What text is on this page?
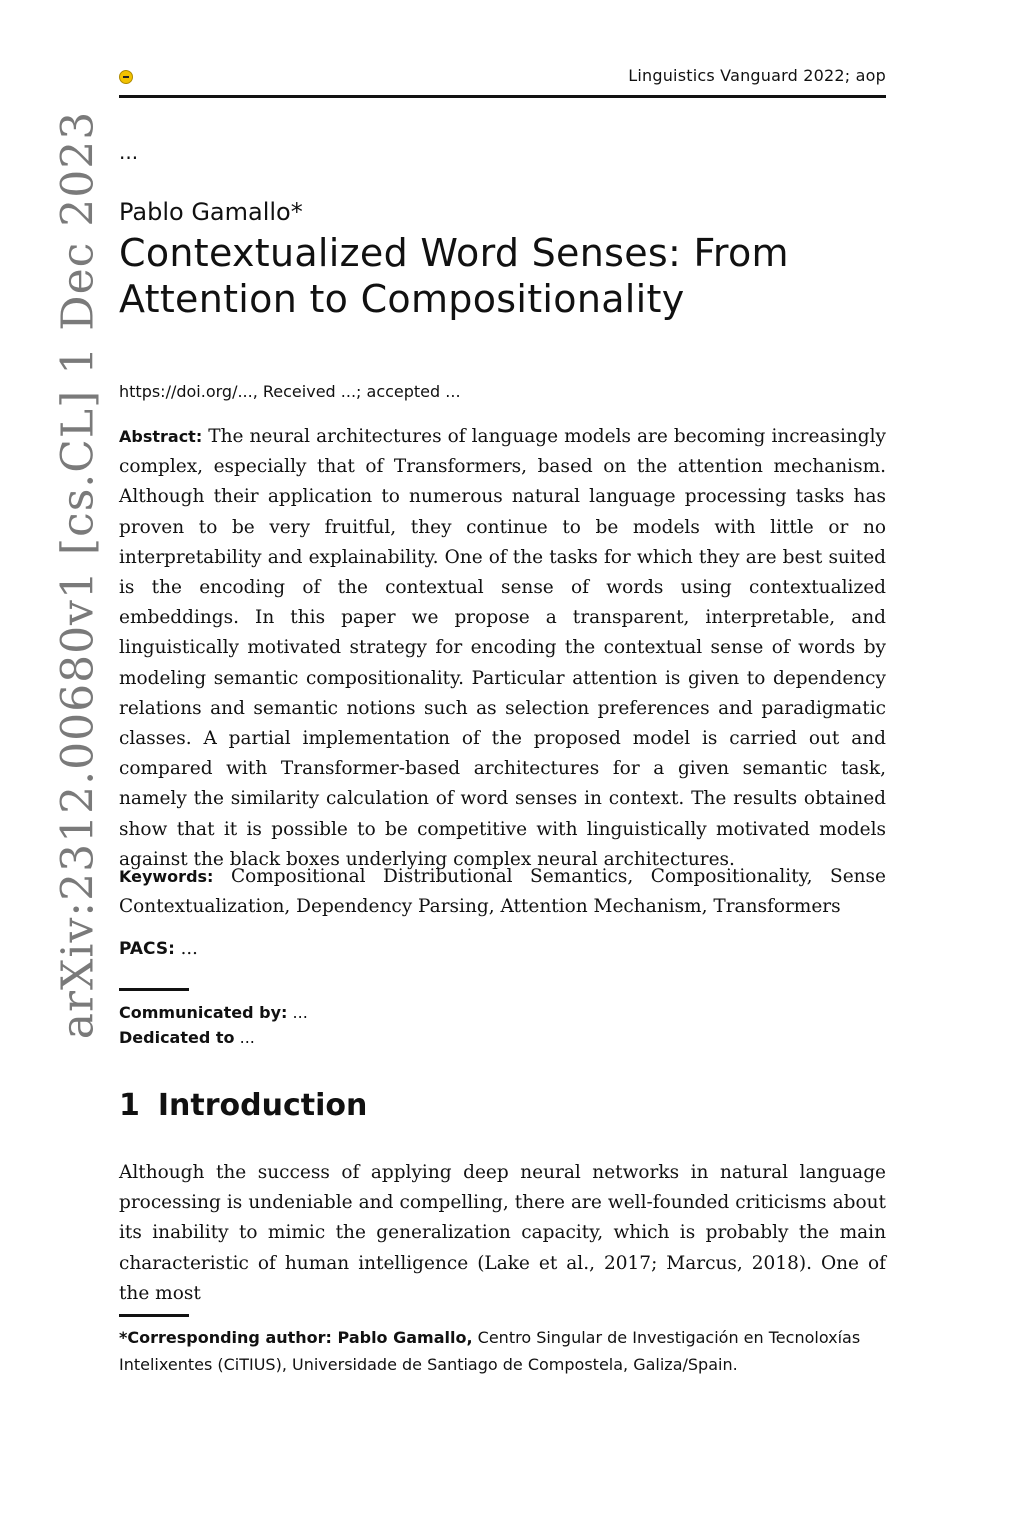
Linguistics Vanguard 2022; aop
arXiv:2312.00680v1 [cs.CL] 1 Dec 2023 ...
Pablo Gamallo*
Contextualized Word Senses: From Attention to Compositionality
https://doi.org/..., Received ...; accepted ...

Abstract: The neural architectures of language models are becoming increasingly complex, especially that of Transformers, based on the attention mechanism. Although their application to numerous natural language processing tasks has proven to be very fruitful, they continue to be models with little or no interpretability and explainability. One of the tasks for which they are best suited is the encoding of the contextual sense of words using contextualized embeddings. In this paper we propose a transparent, interpretable, and linguistically motivated strategy for encoding the contextual sense of words by modeling semantic compositionality. Particular attention is given to dependency relations and semantic notions such as selection preferences and paradigmatic classes. A partial implementation of the proposed model is carried out and compared with Transformer-based architectures for a given semantic task, namely the similarity calculation of word senses in context. The results obtained show that it is possible to be competitive with linguistically motivated models against the black boxes underlying complex neural architectures.

Keywords: Compositional Distributional Semantics, Compositionality, Sense Contextualization, Dependency Parsing, Attention Mechanism, Transformers

PACS: ...
Communicated by: ...
Dedicated to ...
1 Introduction

Although the success of applying deep neural networks in natural language processing is undeniable and compelling, there are well-founded criticisms about its inability to mimic the generalization capacity, which is probably the main characteristic of human intelligence (Lake et al., 2017; Marcus, 2018). One of the most

*Corresponding author: Pablo Gamallo, Centro Singular de Investigación en Tecnoloxías Intelixentes (CiTIUS), Universidade de Santiago de Compostela, Galiza/Spain.
